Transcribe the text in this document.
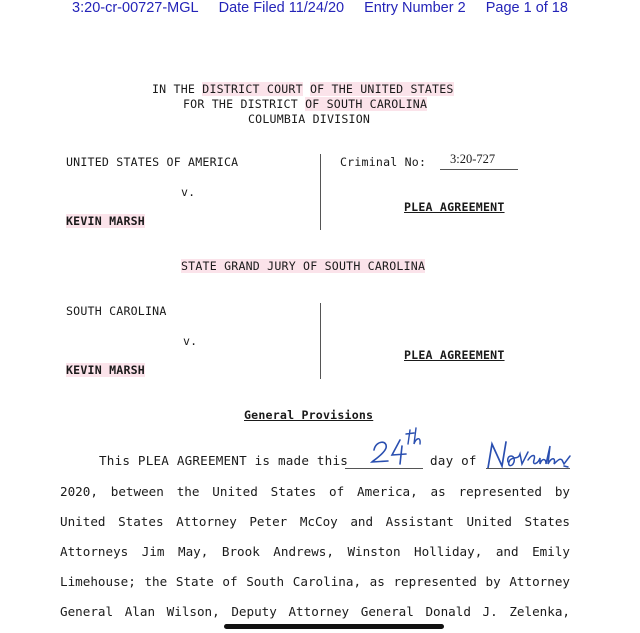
3:20-cr-00727-MGL Date Filed 11/24/20 Entry Number 2 Page 1 of 18
IN THE DISTRICT COURT OF THE UNITED STATES
FOR THE DISTRICT OF SOUTH CAROLINA
COLUMBIA DIVISION
UNITED STATES OF AMERICA
v.
KEVIN MARSH
Criminal No: 3:20-727
PLEA AGREEMENT
STATE GRAND JURY OF SOUTH CAROLINA
SOUTH CAROLINA
v.
KEVIN MARSH
PLEA AGREEMENT
General Provisions
This PLEA AGREEMENT is made this	day of
2020, between the United States of America, as represented by
United States Attorney Peter McCoy and Assistant United States
Attorneys Jim May, Brook Andrews, Winston Holliday, and Emily
Limehouse; the State of South Carolina, as represented by Attorney
General Alan Wilson, Deputy Attorney General Donald J. Zelenka,
